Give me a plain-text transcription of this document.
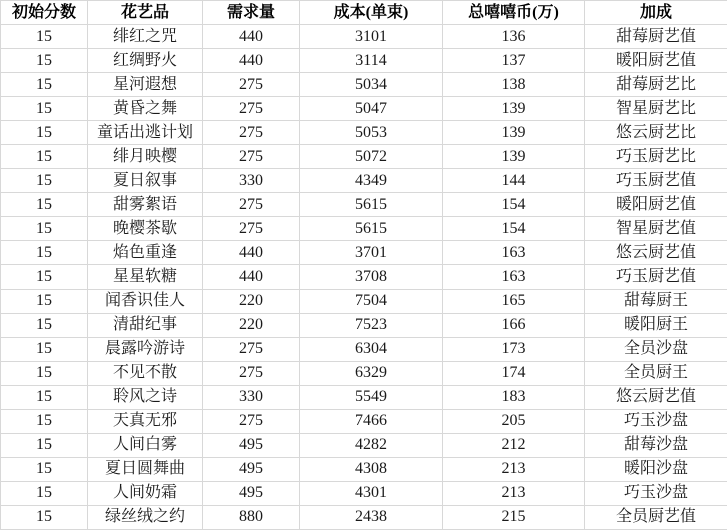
初始分数	花艺品	需求量	成本(单束)	总嘻嘻币(万)	加成
15	绯红之咒	440	3101	136	甜莓厨艺值
15	红绸野火	440	3114	137	暖阳厨艺值
15	星河遐想	275	5034	138	甜莓厨艺比
15	黄昏之舞	275	5047	139	智星厨艺比
15	童话出逃计划	275	5053	139	悠云厨艺比
15	绯月映樱	275	5072	139	巧玉厨艺比
15	夏日叙事	330	4349	144	巧玉厨艺值
15	甜雾絮语	275	5615	154	暖阳厨艺值
15	晚樱茶歇	275	5615	154	智星厨艺值
15	焰色重逢	440	3701	163	悠云厨艺值
15	星星软糖	440	3708	163	巧玉厨艺值
15	闻香识佳人	220	7504	165	甜莓厨王
15	清甜纪事	220	7523	166	暖阳厨王
15	晨露吟游诗	275	6304	173	全员沙盘
15	不见不散	275	6329	174	全员厨王
15	聆风之诗	330	5549	183	悠云厨艺值
15	天真无邪	275	7466	205	巧玉沙盘
15	人间白雾	495	4282	212	甜莓沙盘
15	夏日圆舞曲	495	4308	213	暖阳沙盘
15	人间奶霜	495	4301	213	巧玉沙盘
15	绿丝绒之约	880	2438	215	全员厨艺值
